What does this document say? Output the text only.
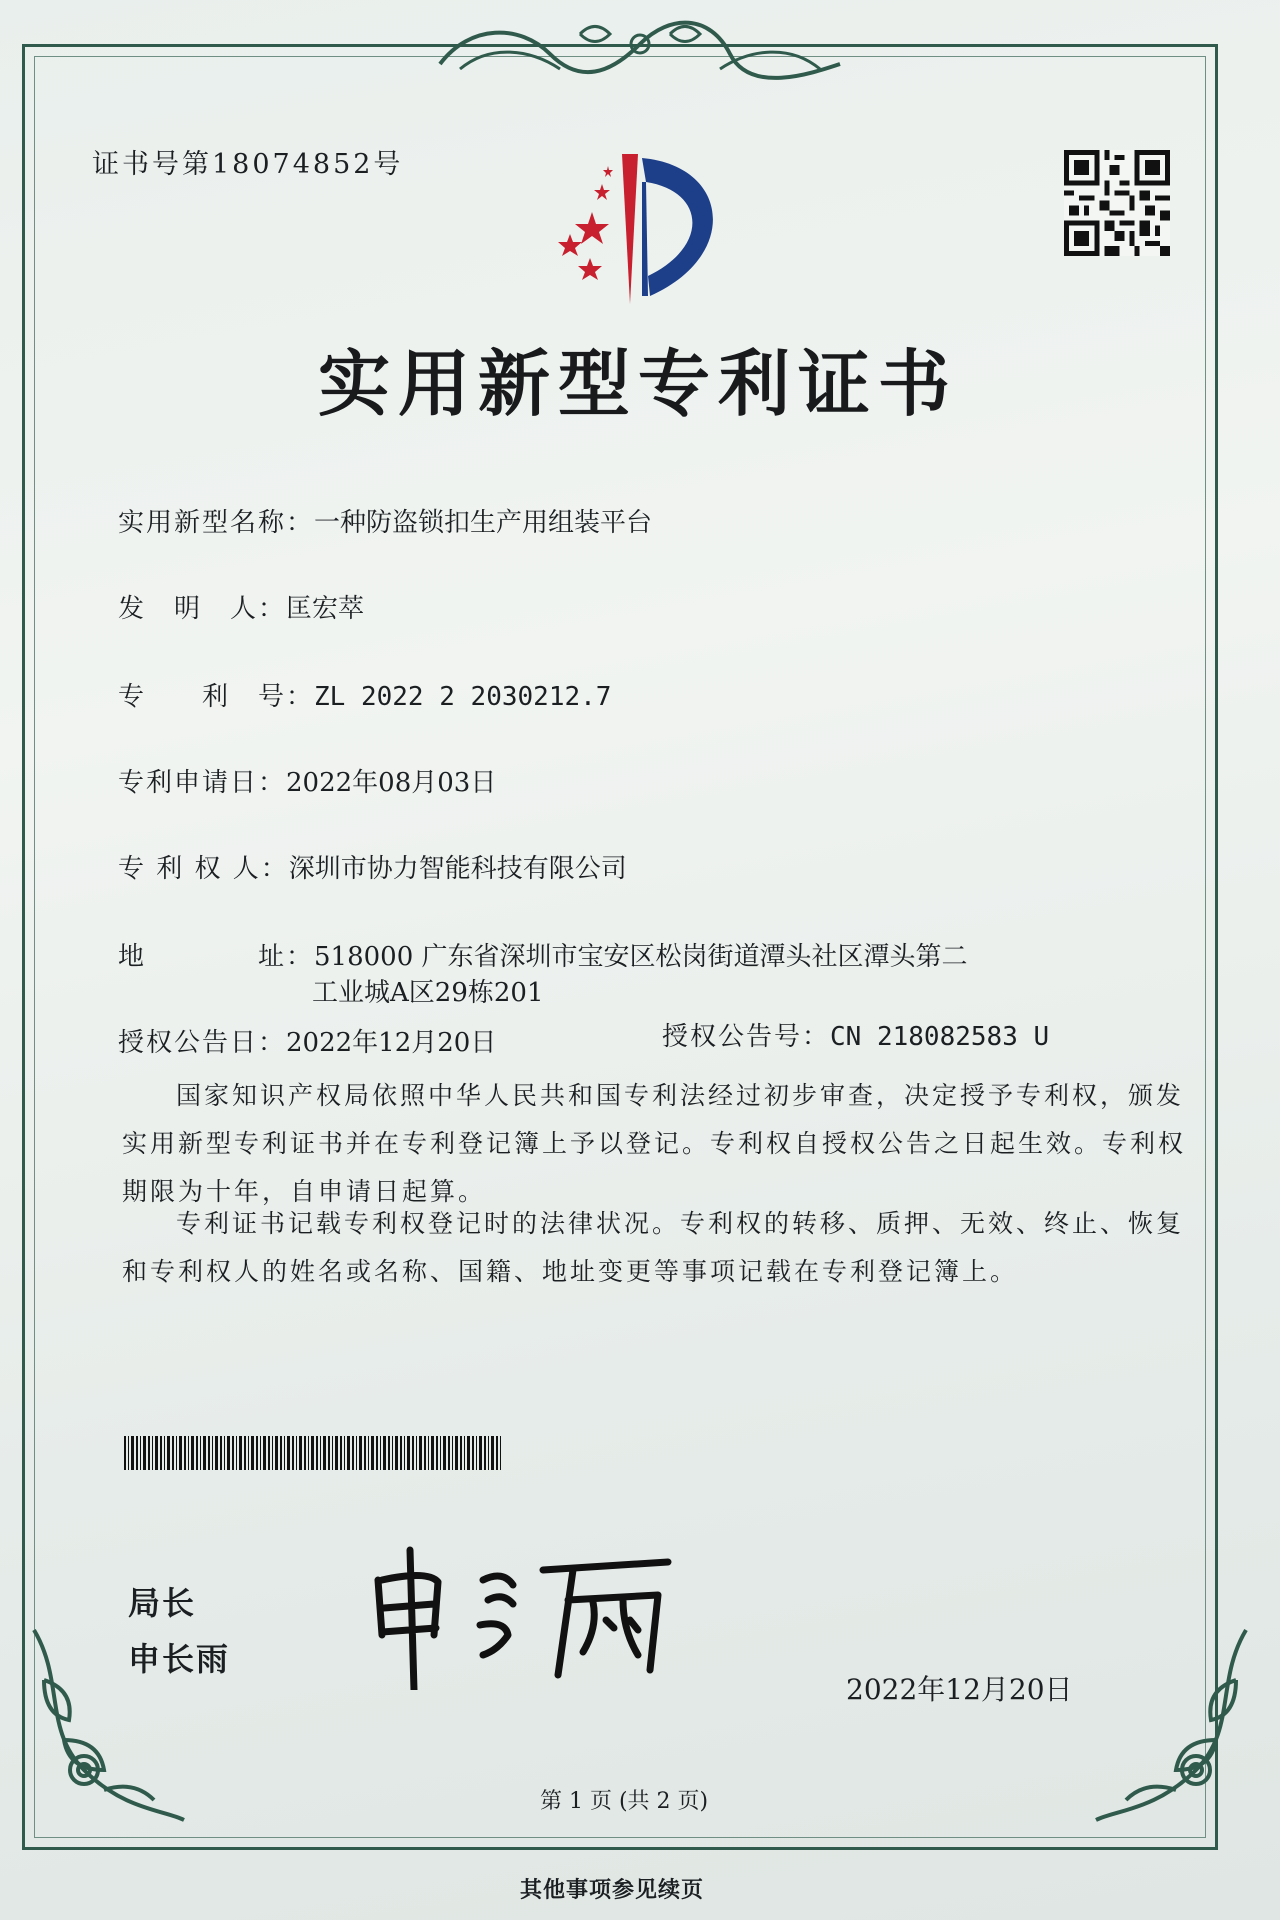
证书号第18074852号
实用新型专利证书
实用新型名称：一种防盗锁扣生产用组装平台
发　明　人：匡宏萃
专　　利　号：ZL 2022 2 2030212.7
专利申请日：2022年08月03日
专 利 权 人：深圳市协力智能科技有限公司
地　　　　址：518000 广东省深圳市宝安区松岗街道潭头社区潭头第二
工业城A区29栋201
授权公告日：2022年12月20日	授权公告号：CN 218082583 U
国家知识产权局依照中华人民共和国专利法经过初步审查，决定授予专利权，颁发实用新型专利证书并在专利登记簿上予以登记。专利权自授权公告之日起生效。专利权期限为十年，自申请日起算。
专利证书记载专利权登记时的法律状况。专利权的转移、质押、无效、终止、恢复和专利权人的姓名或名称、国籍、地址变更等事项记载在专利登记簿上。
局长
申长雨
2022年12月20日
第 1 页 (共 2 页)
其他事项参见续页
